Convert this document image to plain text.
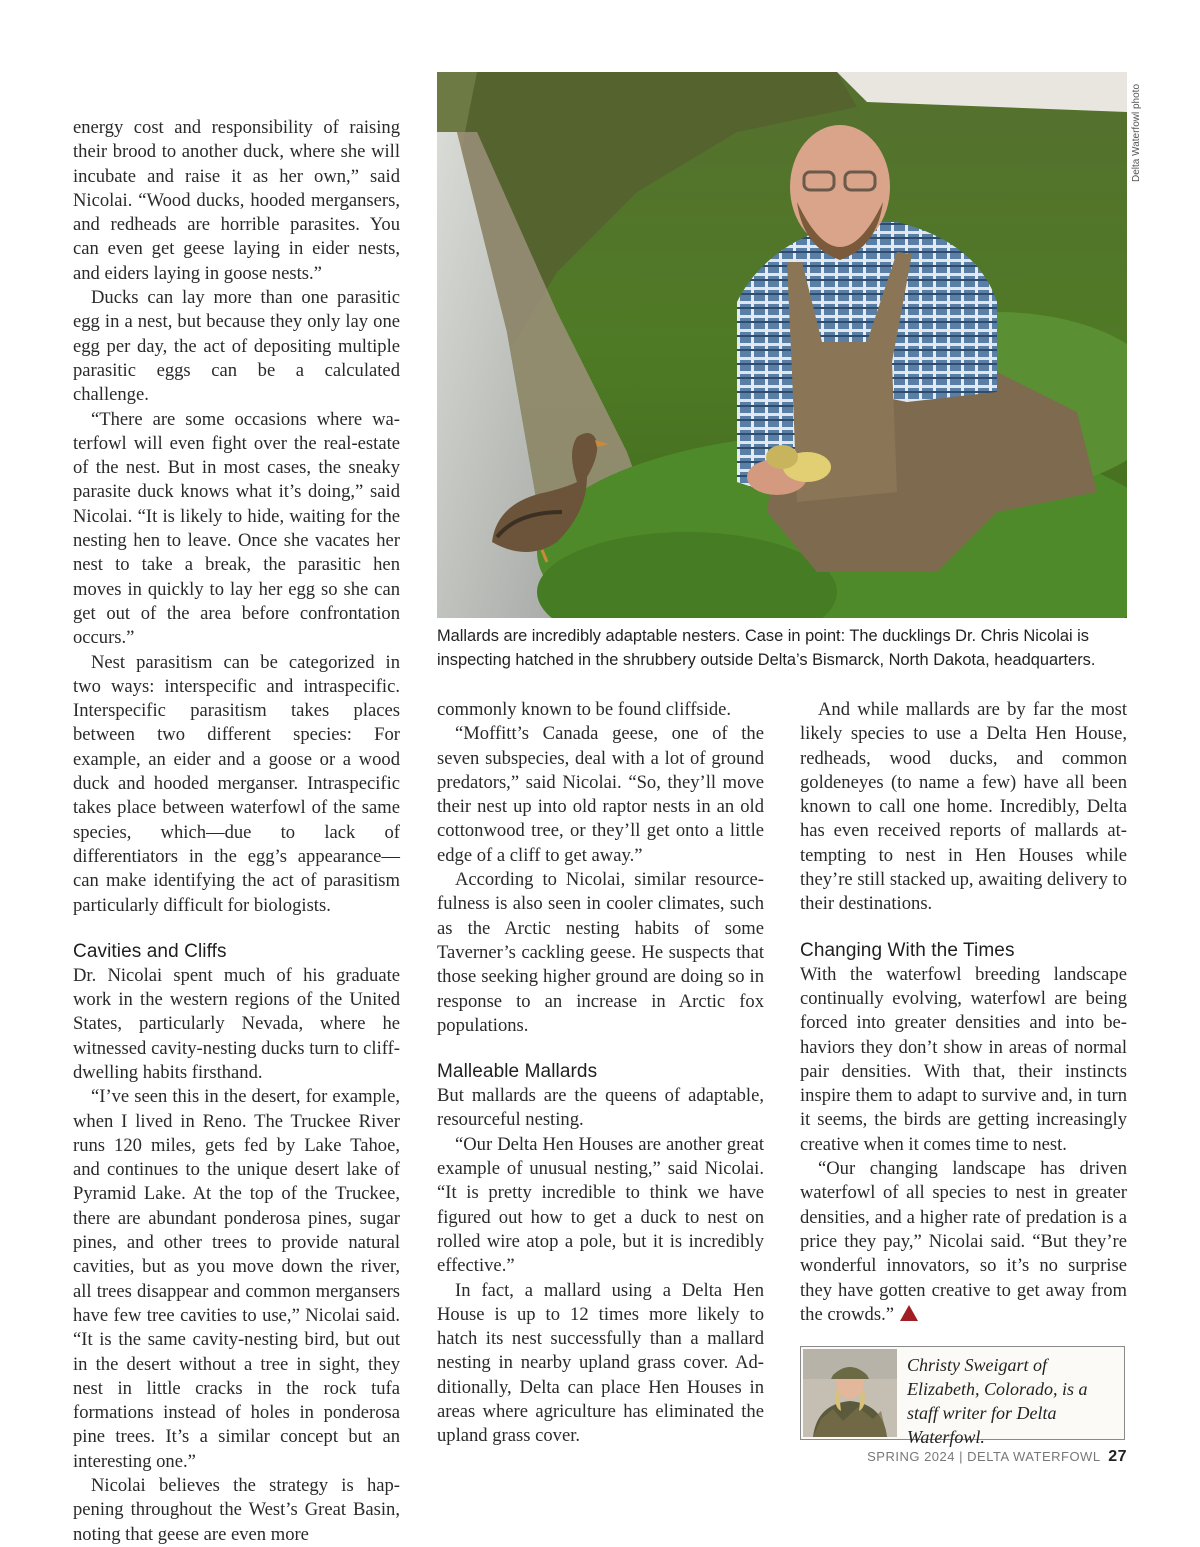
energy cost and responsibility of raising their brood to another duck, where she will incubate and raise it as her own,” said Nicolai. “Wood ducks, hooded mergansers, and redheads are horrible parasites. You can even get geese laying in eider nests, and eiders laying in goose nests.”

Ducks can lay more than one parasitic egg in a nest, but because they only lay one egg per day, the act of depositing multiple parasitic eggs can be a calculated challenge.

“There are some occasions where waterfowl will even fight over the real-estate of the nest. But in most cases, the sneaky parasite duck knows what it’s doing,” said Nicolai. “It is likely to hide, waiting for the nesting hen to leave. Once she vacates her nest to take a break, the parasitic hen moves in quickly to lay her egg so she can get out of the area before confrontation occurs.”

Nest parasitism can be categorized in two ways: interspecific and intraspecific. Interspecific parasitism takes places between two different species: For example, an eider and a goose or a wood duck and hooded merganser. Intraspecific takes place between waterfowl of the same species, which—due to lack of differentiators in the egg’s appearance—can make identifying the act of parasitism particularly difficult for biologists.

Cavities and Cliffs

Dr. Nicolai spent much of his graduate work in the western regions of the United States, particularly Nevada, where he witnessed cavity-nesting ducks turn to cliff-dwelling habits firsthand.

“I’ve seen this in the desert, for example, when I lived in Reno. The Truckee River runs 120 miles, gets fed by Lake Tahoe, and continues to the unique desert lake of Pyramid Lake. At the top of the Truckee, there are abundant ponderosa pines, sugar pines, and other trees to provide natural cavities, but as you move down the river, all trees disappear and common mergansers have few tree cavities to use,” Nicolai said. “It is the same cavity-nesting bird, but out in the desert without a tree in sight, they nest in little cracks in the rock tufa formations instead of holes in ponderosa pine trees. It’s a similar concept but an interesting one.”

Nicolai believes the strategy is happening throughout the West’s Great Basin, noting that geese are even more

Delta Waterfowl photo
Mallards are incredibly adaptable nesters. Case in point: The ducklings Dr. Chris Nicolai is inspecting hatched in the shrubbery outside Delta’s Bismarck, North Dakota, headquarters.

commonly known to be found cliffside.

“Moffitt’s Canada geese, one of the seven subspecies, deal with a lot of ground predators,” said Nicolai. “So, they’ll move their nest up into old raptor nests in an old cottonwood tree, or they’ll get onto a little edge of a cliff to get away.”

According to Nicolai, similar resourcefulness is also seen in cooler climates, such as the Arctic nesting habits of some Taverner’s cackling geese. He suspects that those seeking higher ground are doing so in response to an increase in Arctic fox populations.

Malleable Mallards

But mallards are the queens of adaptable, resourceful nesting.

“Our Delta Hen Houses are another great example of unusual nesting,” said Nicolai. “It is pretty incredible to think we have figured out how to get a duck to nest on rolled wire atop a pole, but it is incredibly effective.”

In fact, a mallard using a Delta Hen House is up to 12 times more likely to hatch its nest successfully than a mallard nesting in nearby upland grass cover. Additionally, Delta can place Hen Houses in areas where agriculture has eliminated the upland grass cover.

And while mallards are by far the most likely species to use a Delta Hen House, redheads, wood ducks, and common goldeneyes (to name a few) have all been known to call one home. Incredibly, Delta has even received reports of mallards attempting to nest in Hen Houses while they’re still stacked up, awaiting delivery to their destinations.

Changing With the Times

With the waterfowl breeding landscape continually evolving, waterfowl are being forced into greater densities and into behaviors they don’t show in areas of normal pair densities. With that, their instincts inspire them to adapt to survive and, in turn it seems, the birds are getting increasingly creative when it comes time to nest.

“Our changing landscape has driven waterfowl of all species to nest in greater densities, and a higher rate of predation is a price they pay,” Nicolai said. “But they’re wonderful innovators, so it’s no surprise they have gotten creative to get away from the crowds.”

Christy Sweigart of Elizabeth, Colorado, is a staff writer for Delta Waterfowl.
SPRING 2024 | DELTA WATERFOWL 27
